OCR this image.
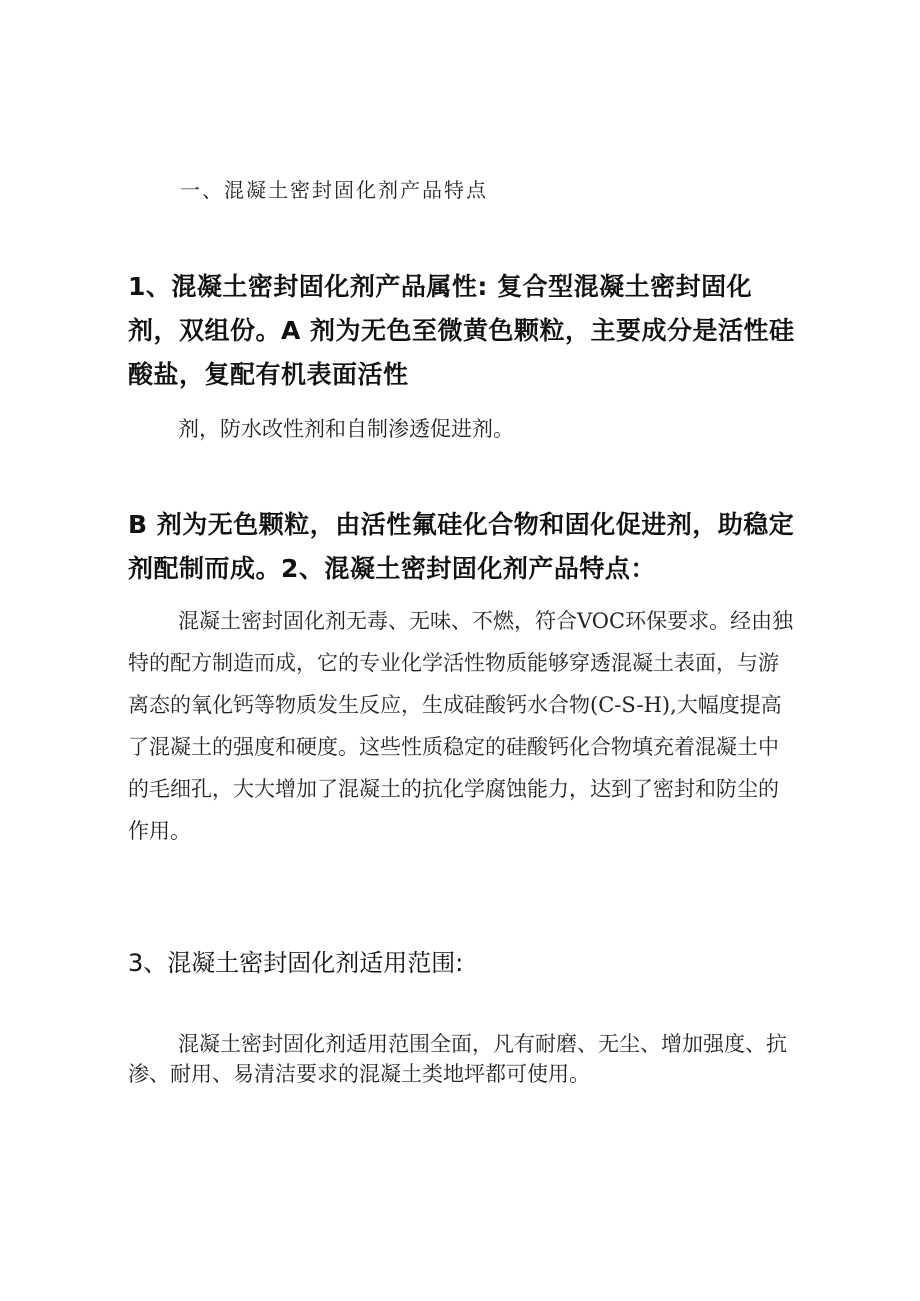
一、混凝土密封固化剂产品特点

1、混凝土密封固化剂产品属性: 复合型混凝土密封固化剂，双组份。A 剂为无色至微黄色颗粒，主要成分是活性硅酸盐，复配有机表面活性

剂，防水改性剂和自制渗透促进剂。

B 剂为无色颗粒，由活性氟硅化合物和固化促进剂，助稳定剂配制而成。2、混凝土密封固化剂产品特点：

混凝土密封固化剂无毒、无味、不燃，符合VOC环保要求。经由独特的配方制造而成，它的专业化学活性物质能够穿透混凝土表面，与游离态的氧化钙等物质发生反应，生成硅酸钙水合物(C-S-H),大幅度提高了混凝土的强度和硬度。这些性质稳定的硅酸钙化合物填充着混凝土中的毛细孔，大大增加了混凝土的抗化学腐蚀能力，达到了密封和防尘的作用。

3、混凝土密封固化剂适用范围:

混凝土密封固化剂适用范围全面，凡有耐磨、无尘、增加强度、抗渗、耐用、易清洁要求的混凝土类地坪都可使用。
